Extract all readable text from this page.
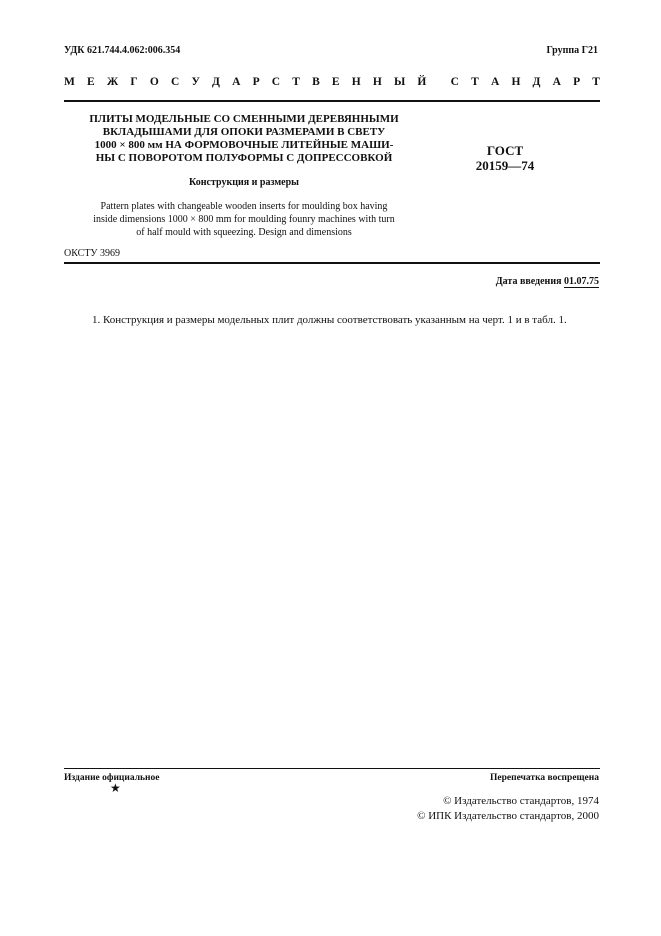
УДК 621.744.4.062:006.354	Группа Г21
М Е Ж Г О С У Д А Р С Т В Е Н Н Ы Й С Т А Н Д А Р Т
ПЛИТЫ МОДЕЛЬНЫЕ СО СМЕННЫМИ ДЕРЕВЯННЫМИ
ВКЛАДЫШАМИ ДЛЯ ОПОКИ РАЗМЕРАМИ В СВЕТУ
1000 × 800 мм НА ФОРМОВОЧНЫЕ ЛИТЕЙНЫЕ МАШИ-
НЫ С ПОВОРОТОМ ПОЛУФОРМЫ С ДОПРЕССОВКОЙ	ГОСТ
20159—74
Конструкция и размеры
Pattern plates with changeable wooden inserts for moulding box having
inside dimensions 1000 × 800 mm for moulding founry machines with turn
of half mould with squeezing. Design and dimensions
ОКСТУ 3969
Дата введения 01.07.75
1. Конструкция и размеры модельных плит должны соответствовать указанным на черт. 1 и в табл. 1.
Издание официальное
★
Перепечатка воспрещена
© Издательство стандартов, 1974
© ИПК Издательство стандартов, 2000
